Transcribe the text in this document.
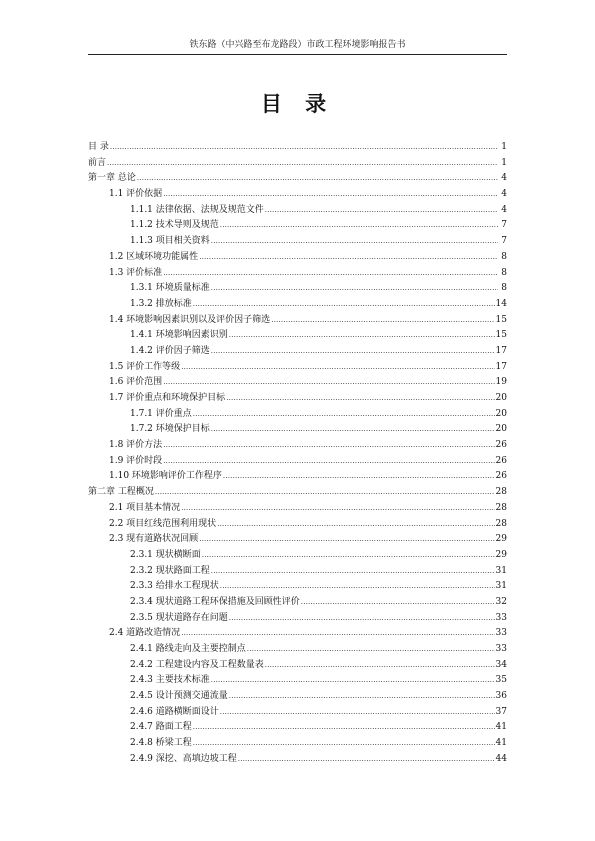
铁东路（中兴路至布龙路段）市政工程环境影响报告书
目 录
目 录 .....	1
前言 .....	1
第一章 总论 .....	4
1.1 评价依据 .....	4
1.1.1 法律依据、法规及规范文件 .....	4
1.1.2 技术导则及规范 .....	7
1.1.3 项目相关资料 .....	7
1.2 区域环境功能属性 .....	8
1.3 评价标准 .....	8
1.3.1 环境质量标准 .....	8
1.3.2 排放标准 .....	14
1.4 环境影响因素识别以及评价因子筛选 .....	15
1.4.1 环境影响因素识别 .....	15
1.4.2 评价因子筛选 .....	17
1.5 评价工作等级 .....	17
1.6 评价范围 .....	19
1.7 评价重点和环境保护目标 .....	20
1.7.1 评价重点 .....	20
1.7.2 环境保护目标 .....	20
1.8 评价方法 .....	26
1.9 评价时段 .....	26
1.10 环境影响评价工作程序 .....	26
第二章 工程概况 .....	28
2.1 项目基本情况 .....	28
2.2 项目红线范围利用现状 .....	28
2.3 现有道路状况回顾 .....	29
2.3.1 现状横断面 .....	29
2.3.2 现状路面工程 .....	31
2.3.3 给排水工程现状 .....	31
2.3.4 现状道路工程环保措施及回顾性评价 .....	32
2.3.5 现状道路存在问题 .....	33
2.4 道路改造情况 .....	33
2.4.1 路线走向及主要控制点 .....	33
2.4.2 工程建设内容及工程数量表 .....	34
2.4.3 主要技术标准 .....	35
2.4.5 设计预测交通流量 .....	36
2.4.6 道路横断面设计 .....	37
2.4.7 路面工程 .....	41
2.4.8 桥梁工程 .....	41
2.4.9 深挖、高填边坡工程 .....	44
